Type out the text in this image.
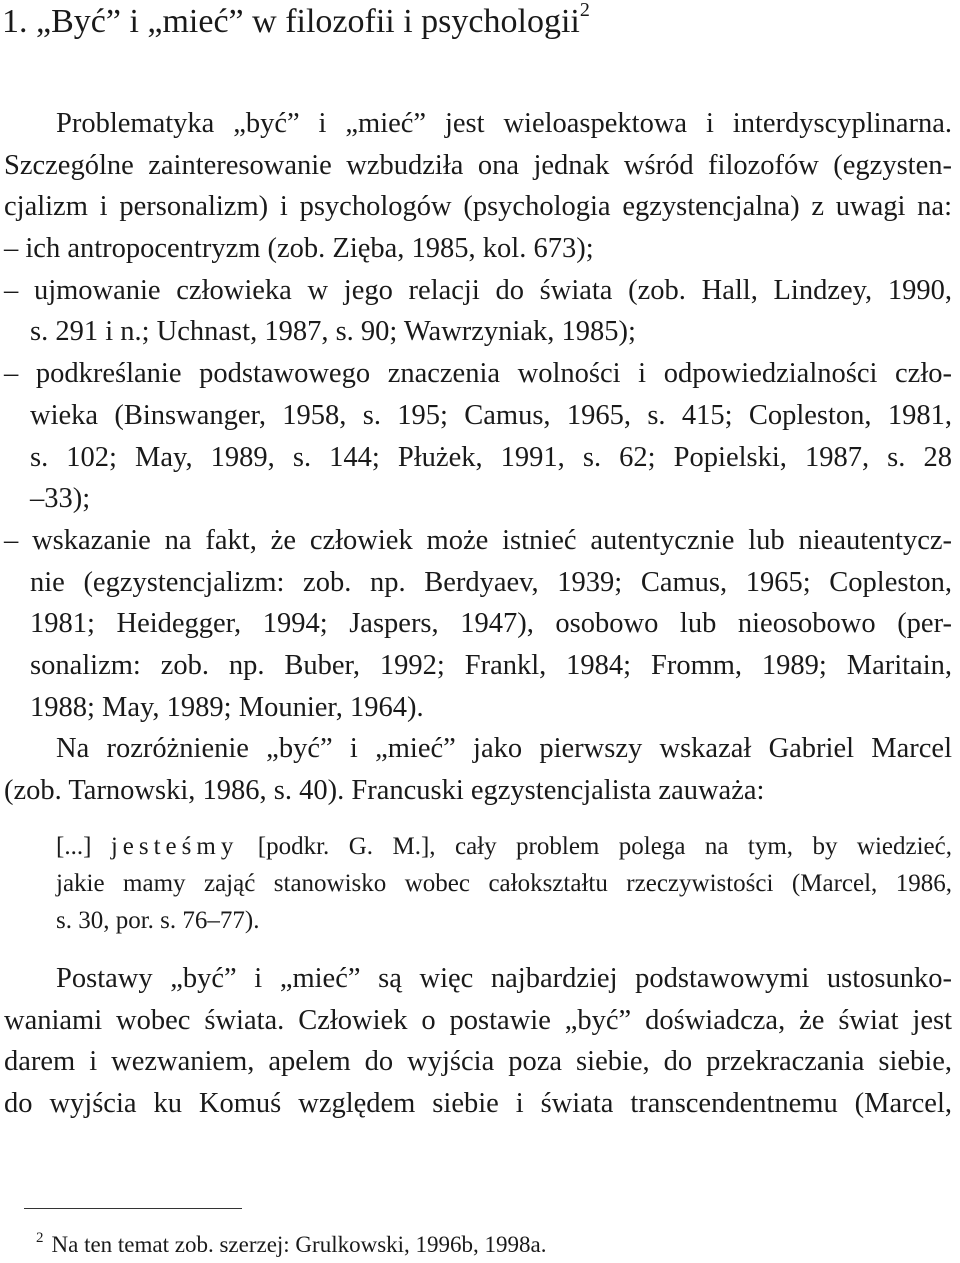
1. „Być” i „mieć” w filozofii i psychologii$^2$
Problematyka „być” i „mieć” jest wieloaspektowa i interdyscyplinarna.
Szczególne zainteresowanie wzbudziła ona jednak wśród filozofów (egzysten-
cjalizm i personalizm) i psychologów (psychologia egzystencjalna) z uwagi na:
– ich antropocentryzm (zob. Zięba, 1985, kol. 673);
– ujmowanie człowieka w jego relacji do świata (zob. Hall, Lindzey, 1990,
s. 291 i n.; Uchnast, 1987, s. 90; Wawrzyniak, 1985);
– podkreślanie podstawowego znaczenia wolności i odpowiedzialności czło-
wieka (Binswanger, 1958, s. 195; Camus, 1965, s. 415; Copleston, 1981,
s. 102; May, 1989, s. 144; Płużek, 1991, s. 62; Popielski, 1987, s. 28
–33);
– wskazanie na fakt, że człowiek może istnieć autentycznie lub nieautentycz-
nie (egzystencjalizm: zob. np. Berdyaev, 1939; Camus, 1965; Copleston,
1981; Heidegger, 1994; Jaspers, 1947), osobowo lub nieosobowo (per-
sonalizm: zob. np. Buber, 1992; Frankl, 1984; Fromm, 1989; Maritain,
1988; May, 1989; Mounier, 1964).
Na rozróżnienie „być” i „mieć” jako pierwszy wskazał Gabriel Marcel
(zob. Tarnowski, 1986, s. 40). Francuski egzystencjalista zauważa:
[...] jesteśmy [podkr. G. M.], cały problem polega na tym, by wiedzieć,
jakie mamy zająć stanowisko wobec całokształtu rzeczywistości (Marcel, 1986,
s. 30, por. s. 76–77).
Postawy „być” i „mieć” są więc najbardziej podstawowymi ustosunko-
waniami wobec świata. Człowiek o postawie „być” doświadcza, że świat jest
darem i wezwaniem, apelem do wyjścia poza siebie, do przekraczania siebie,
do wyjścia ku Komuś względem siebie i świata transcendentnemu (Marcel,
$^2$ Na ten temat zob. szerzej: Grulkowski, 1996b, 1998a.
